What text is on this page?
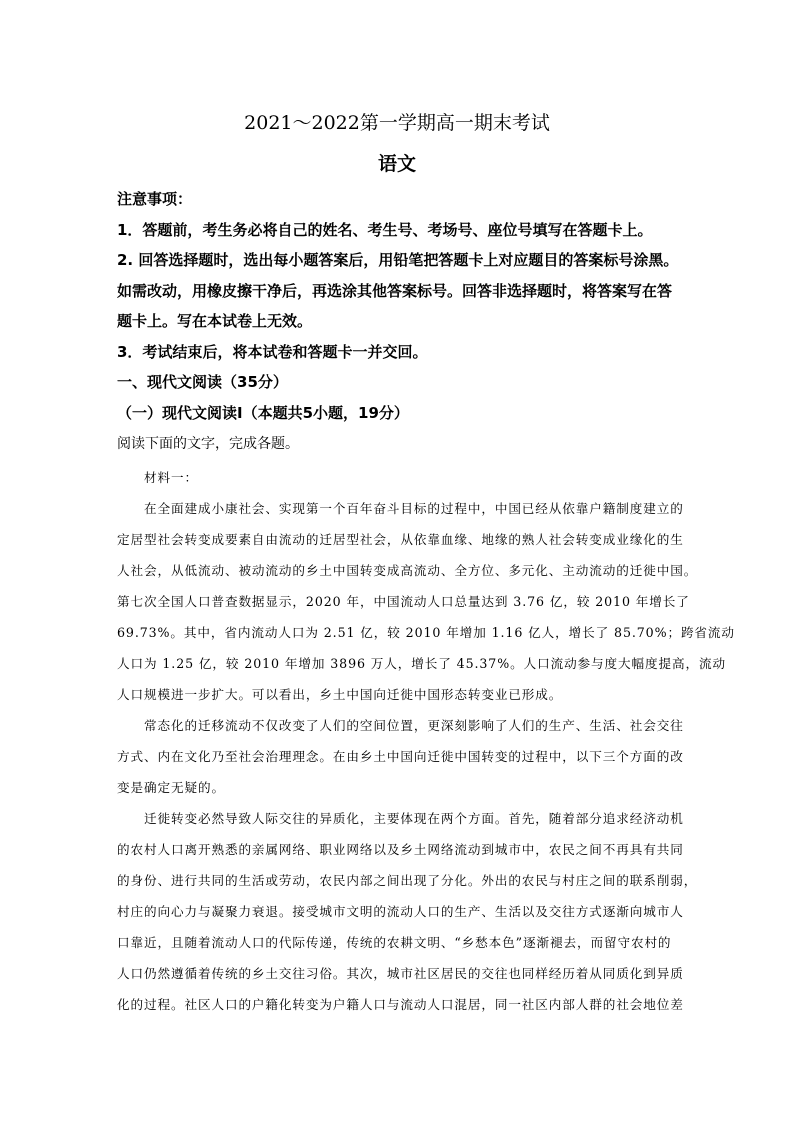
2021～2022第一学期高一期末考试
语文
注意事项：
1．答题前，考生务必将自己的姓名、考生号、考场号、座位号填写在答题卡上。
2. 回答选择题时，选出每小题答案后，用铅笔把答题卡上对应题目的答案标号涂黑。
如需改动，用橡皮擦干净后，再选涂其他答案标号。回答非选择题时，将答案写在答
题卡上。写在本试卷上无效。
3．考试结束后，将本试卷和答题卡一并交回。
一、现代文阅读（35分）
（一）现代文阅读Ⅰ（本题共5小题，19分）
阅读下面的文字，完成各题。
　　材料一：
　　在全面建成小康社会、实现第一个百年奋斗目标的过程中，中国已经从依靠户籍制度建立的
定居型社会转变成要素自由流动的迁居型社会，从依靠血缘、地缘的熟人社会转变成业缘化的生
人社会，从低流动、被动流动的乡土中国转变成高流动、全方位、多元化、主动流动的迁徙中国。
第七次全国人口普查数据显示，2020 年，中国流动人口总量达到 3.76 亿，较 2010 年增长了
69.73%。其中，省内流动人口为 2.51 亿，较 2010 年增加 1.16 亿人，增长了 85.70%；跨省流动
人口为 1.25 亿，较 2010 年增加 3896 万人，增长了 45.37%。人口流动参与度大幅度提高，流动
人口规模进一步扩大。可以看出，乡土中国向迁徙中国形态转变业已形成。
　　常态化的迁移流动不仅改变了人们的空间位置，更深刻影响了人们的生产、生活、社会交往
方式、内在文化乃至社会治理理念。在由乡土中国向迁徙中国转变的过程中，以下三个方面的改
变是确定无疑的。
　　迁徙转变必然导致人际交往的异质化，主要体现在两个方面。首先，随着部分追求经济动机
的农村人口离开熟悉的亲属网络、职业网络以及乡土网络流动到城市中，农民之间不再具有共同
的身份、进行共同的生活或劳动，农民内部之间出现了分化。外出的农民与村庄之间的联系削弱，
村庄的向心力与凝聚力衰退。接受城市文明的流动人口的生产、生活以及交往方式逐渐向城市人
口靠近，且随着流动人口的代际传递，传统的农耕文明、“乡愁本色”逐渐褪去，而留守农村的
人口仍然遵循着传统的乡土交往习俗。其次，城市社区居民的交往也同样经历着从同质化到异质
化的过程。社区人口的户籍化转变为户籍人口与流动人口混居，同一社区内部人群的社会地位差
